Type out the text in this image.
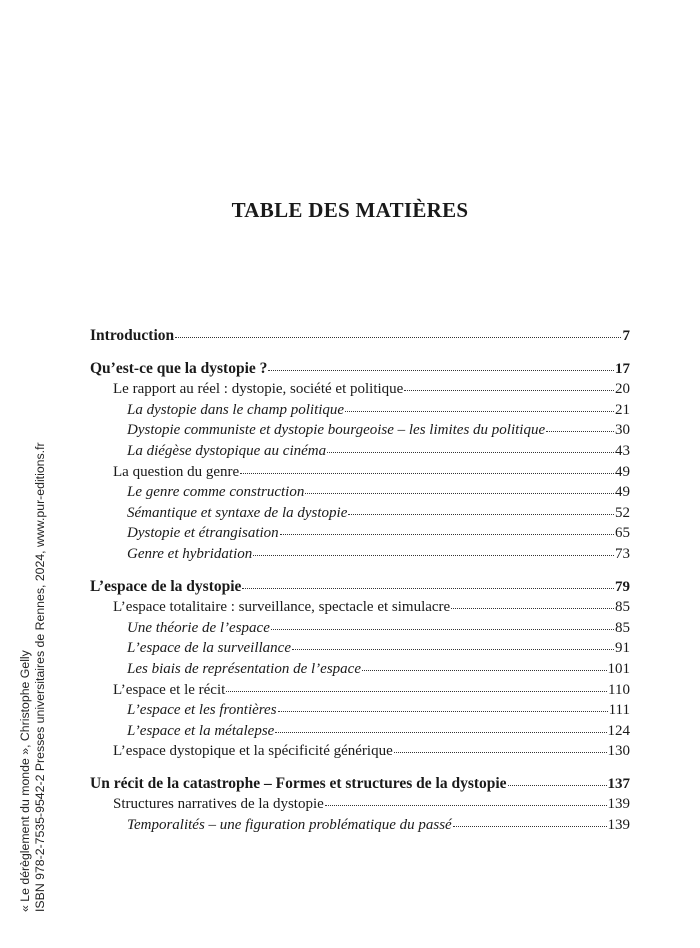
TABLE DES MATIÈRES
Introduction	7
Qu’est-ce que la dystopie ?	17
Le rapport au réel : dystopie, société et politique	20
La dystopie dans le champ politique	21
Dystopie communiste et dystopie bourgeoise – les limites du politique	30
La diégèse dystopique au cinéma	43
La question du genre	49
Le genre comme construction	49
Sémantique et syntaxe de la dystopie	52
Dystopie et étrangisation	65
Genre et hybridation	73
L’espace de la dystopie	79
L’espace totalitaire : surveillance, spectacle et simulacre	85
Une théorie de l’espace	85
L’espace de la surveillance	91
Les biais de représentation de l’espace	101
L’espace et le récit	110
L’espace et les frontières	111
L’espace et la métalepse	124
L’espace dystopique et la spécificité générique	130
Un récit de la catastrophe – Formes et structures de la dystopie	137
Structures narratives de la dystopie	139
Temporalités – une figuration problématique du passé	139
« Le dérèglement du monde », Christophe Gelly ISBN 978-2-7535-9542-2 Presses universitaires de Rennes, 2024, www.pur-editions.fr
